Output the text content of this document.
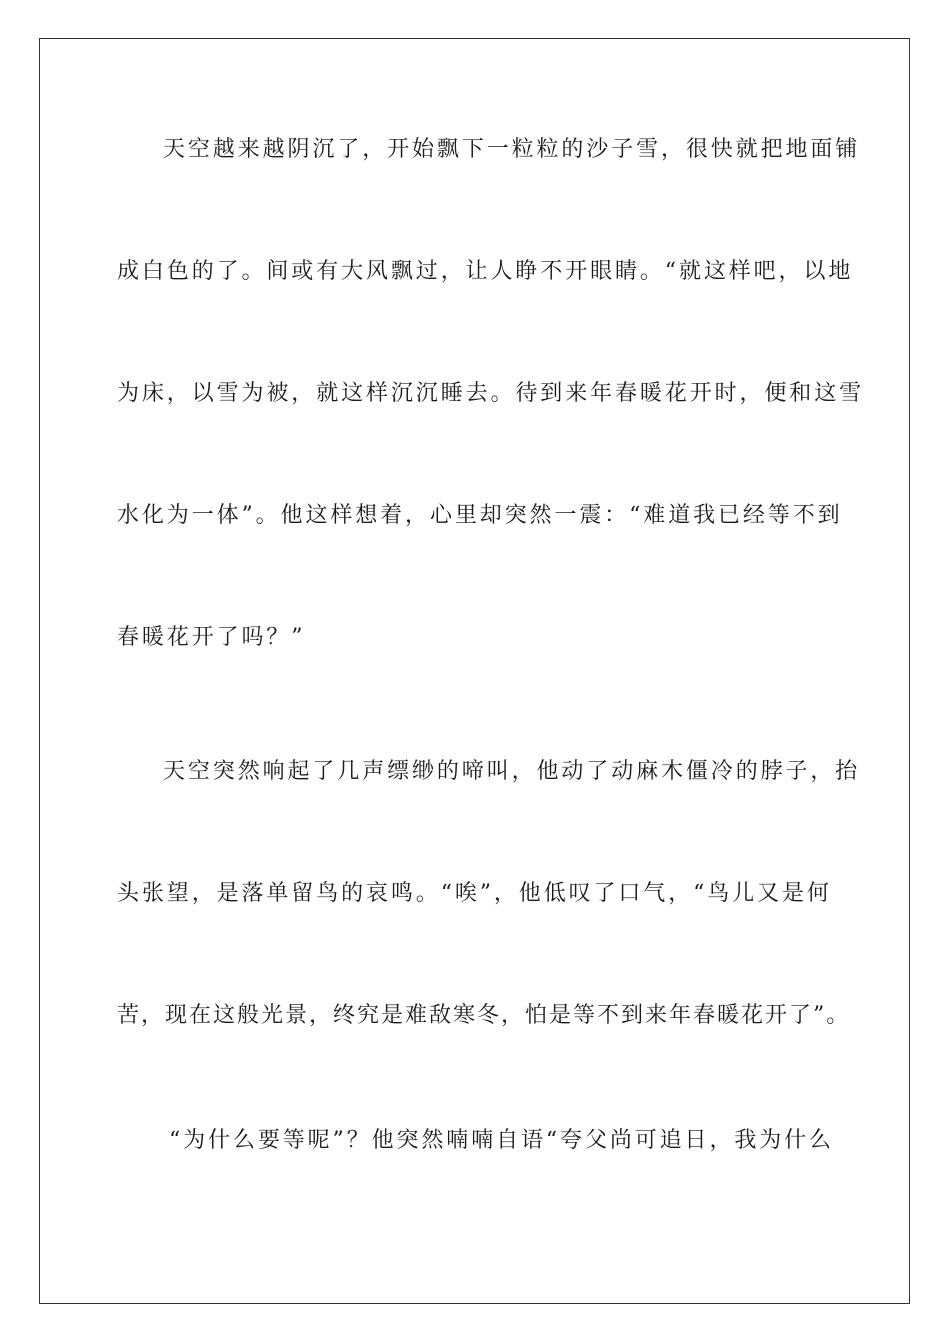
天空越来越阴沉了，开始飘下一粒粒的沙子雪，很快就把地面铺
成白色的了。间或有大风飘过，让人睁不开眼睛。“就这样吧，以地
为床，以雪为被，就这样沉沉睡去。待到来年春暖花开时，便和这雪
水化为一体”。他这样想着，心里却突然一震：“难道我已经等不到
春暖花开了吗？”
天空突然响起了几声缥缈的啼叫，他动了动麻木僵冷的脖子，抬
头张望，是落单留鸟的哀鸣。“唉”，他低叹了口气，“鸟儿又是何
苦，现在这般光景，终究是难敌寒冬，怕是等不到来年春暖花开了”。
“为什么要等呢”？他突然喃喃自语“夸父尚可追日，我为什么
